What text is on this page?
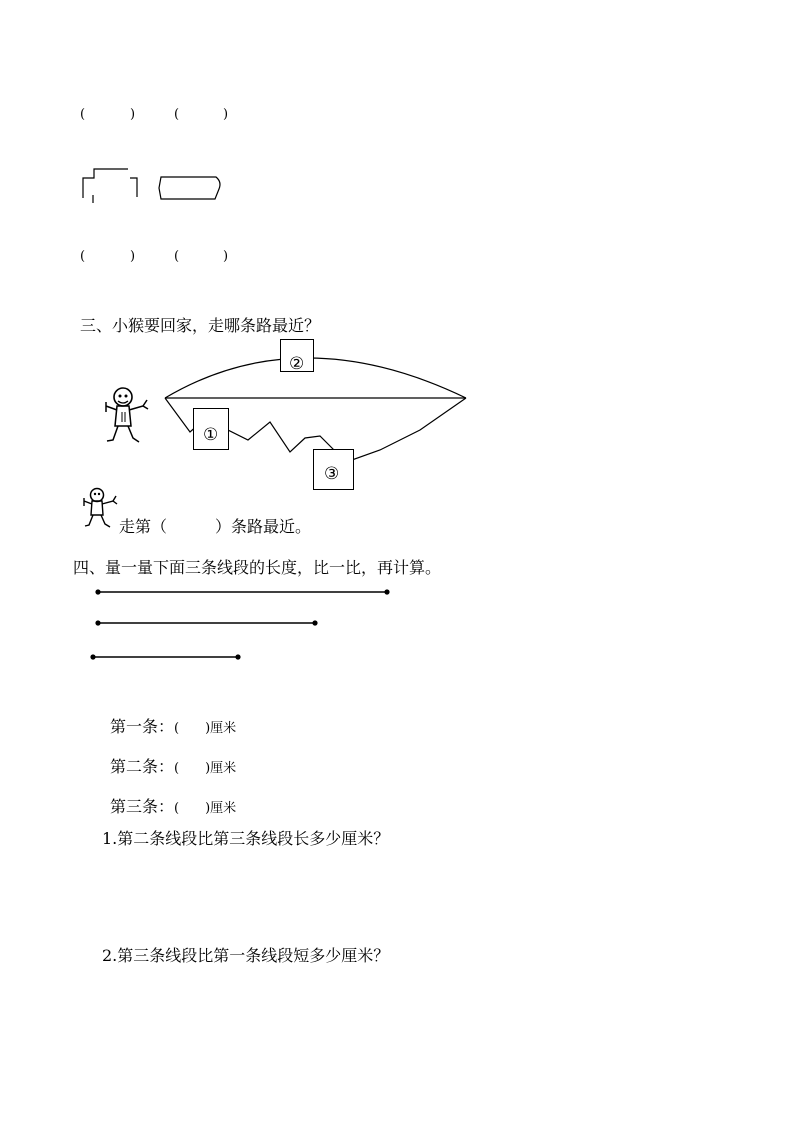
(	)	(	)
(	)	(	)
三、小猴要回家，走哪条路最近？
②
①
③
走第（　　　）条路最近。
四、量一量下面三条线段的长度，比一比，再计算。
第一条：(　　)厘米
第二条：(　　)厘米
第三条：(　　)厘米
1.第二条线段比第三条线段长多少厘米？
2.第三条线段比第一条线段短多少厘米？
